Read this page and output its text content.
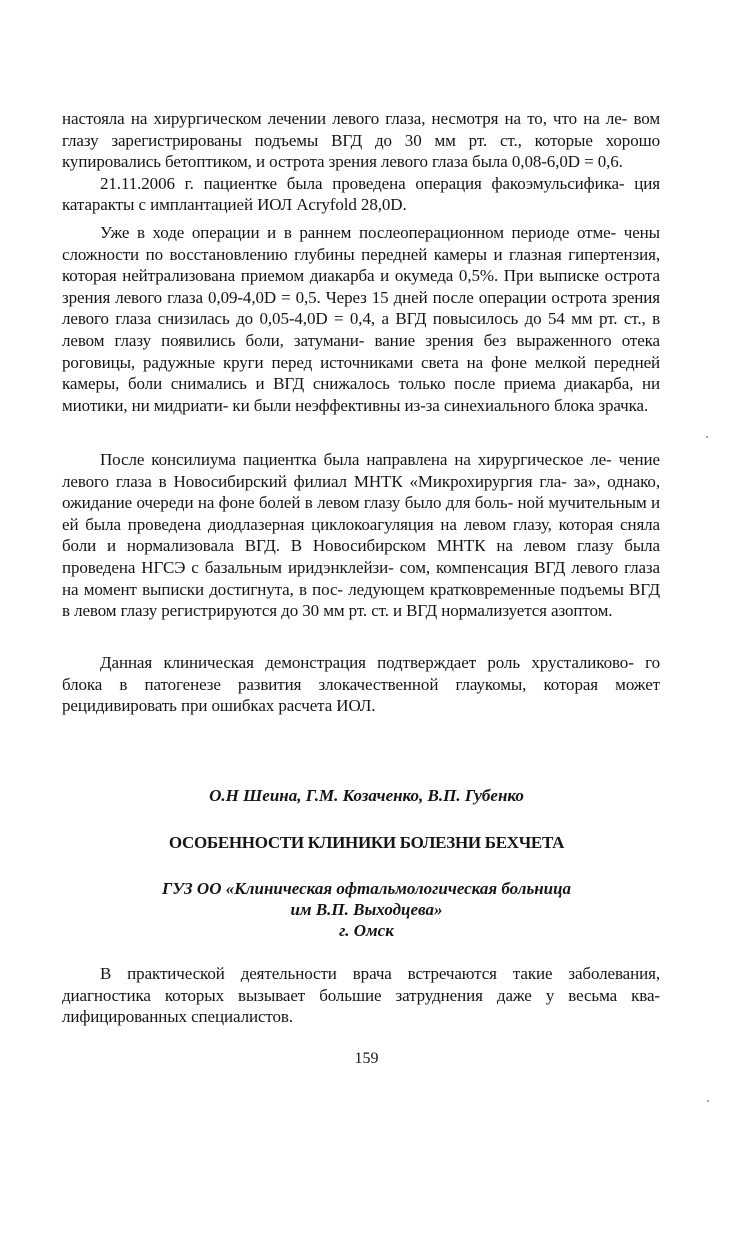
настояла на хирургическом лечении левого глаза, несмотря на то, что на ле- вом глазу зарегистрированы подъемы ВГД до 30 мм рт. ст., которые хорошо купировались бетоптиком, и острота зрения левого глаза была 0,08-6,0D = 0,6.

21.11.2006 г. пациентке была проведена операция факоэмульсифика- ция катаракты с имплантацией ИОЛ Acryfold 28,0D.

Уже в ходе операции и в раннем послеоперационном периоде отме- чены сложности по восстановлению глубины передней камеры и глазная гипертензия, которая нейтрализована приемом диакарба и окумеда 0,5%. При выписке острота зрения левого глаза 0,09-4,0D = 0,5. Через 15 дней после операции острота зрения левого глаза снизилась до 0,05-4,0D = 0,4, а ВГД повысилось до 54 мм рт. ст., в левом глазу появились боли, затумани- вание зрения без выраженного отека роговицы, радужные круги перед источниками света на фоне мелкой передней камеры, боли снимались и ВГД снижалось только после приема диакарба, ни миотики, ни мидриати- ки были неэффективны из-за синехиального блока зрачка.

После консилиума пациентка была направлена на хирургическое ле- чение левого глаза в Новосибирский филиал МНТК «Микрохирургия гла- за», однако, ожидание очереди на фоне болей в левом глазу было для боль- ной мучительным и ей была проведена диодлазерная циклокоагуляция на левом глазу, которая сняла боли и нормализовала ВГД. В Новосибирском МНТК на левом глазу была проведена НГСЭ с базальным иридэнклейзи- сом, компенсация ВГД левого глаза на момент выписки достигнута, в пос- ледующем кратковременные подъемы ВГД в левом глазу регистрируются до 30 мм рт. ст. и ВГД нормализуется азоптом.

Данная клиническая демонстрация подтверждает роль хрусталиково- го блока в патогенезе развития злокачественной глаукомы, которая может рецидивировать при ошибках расчета ИОЛ.

О.Н Шеина, Г.М. Козаченко, В.П. Губенко
ОСОБЕННОСТИ КЛИНИКИ БОЛЕЗНИ БЕХЧЕТА
ГУЗ ОО «Клиническая офтальмологическая больница
им В.П. Выходцева»
г. Омск

В практической деятельности врача встречаются такие заболевания, диагностика которых вызывает большие затруднения даже у весьма ква- лифицированных специалистов.

159
